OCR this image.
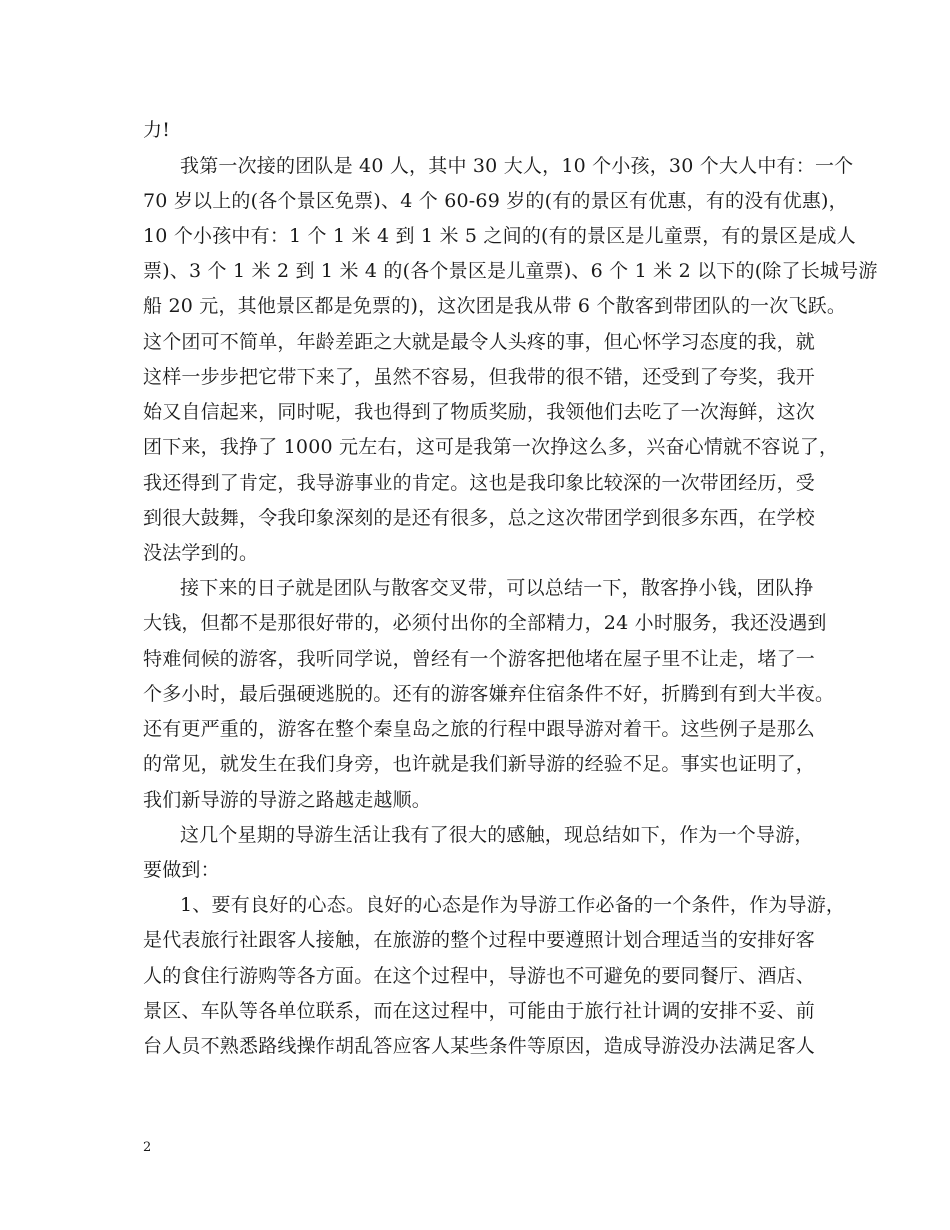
力!
我第一次接的团队是 40 人，其中 30 大人，10 个小孩，30 个大人中有：一个
70 岁以上的(各个景区免票)、4 个 60-69 岁的(有的景区有优惠，有的没有优惠)，
10 个小孩中有：1 个 1 米 4 到 1 米 5 之间的(有的景区是儿童票，有的景区是成人
票)、3 个 1 米 2 到 1 米 4 的(各个景区是儿童票)、6 个 1 米 2 以下的(除了长城号游
船 20 元，其他景区都是免票的)，这次团是我从带 6 个散客到带团队的一次飞跃。
这个团可不简单，年龄差距之大就是最令人头疼的事，但心怀学习态度的我，就
这样一步步把它带下来了，虽然不容易，但我带的很不错，还受到了夸奖，我开
始又自信起来，同时呢，我也得到了物质奖励，我领他们去吃了一次海鲜，这次
团下来，我挣了 1000 元左右，这可是我第一次挣这么多，兴奋心情就不容说了，
我还得到了肯定，我导游事业的肯定。这也是我印象比较深的一次带团经历，受
到很大鼓舞，令我印象深刻的是还有很多，总之这次带团学到很多东西，在学校
没法学到的。
接下来的日子就是团队与散客交叉带，可以总结一下，散客挣小钱，团队挣
大钱，但都不是那很好带的，必须付出你的全部精力，24 小时服务，我还没遇到
特难伺候的游客，我听同学说，曾经有一个游客把他堵在屋子里不让走，堵了一
个多小时，最后强硬逃脱的。还有的游客嫌弃住宿条件不好，折腾到有到大半夜。
还有更严重的，游客在整个秦皇岛之旅的行程中跟导游对着干。这些例子是那么
的常见，就发生在我们身旁，也许就是我们新导游的经验不足。事实也证明了，
我们新导游的导游之路越走越顺。
这几个星期的导游生活让我有了很大的感触，现总结如下，作为一个导游，
要做到：
1、要有良好的心态。良好的心态是作为导游工作必备的一个条件，作为导游，
是代表旅行社跟客人接触，在旅游的整个过程中要遵照计划合理适当的安排好客
人的食住行游购等各方面。在这个过程中，导游也不可避免的要同餐厅、酒店、
景区、车队等各单位联系，而在这过程中，可能由于旅行社计调的安排不妥、前
台人员不熟悉路线操作胡乱答应客人某些条件等原因，造成导游没办法满足客人
2
